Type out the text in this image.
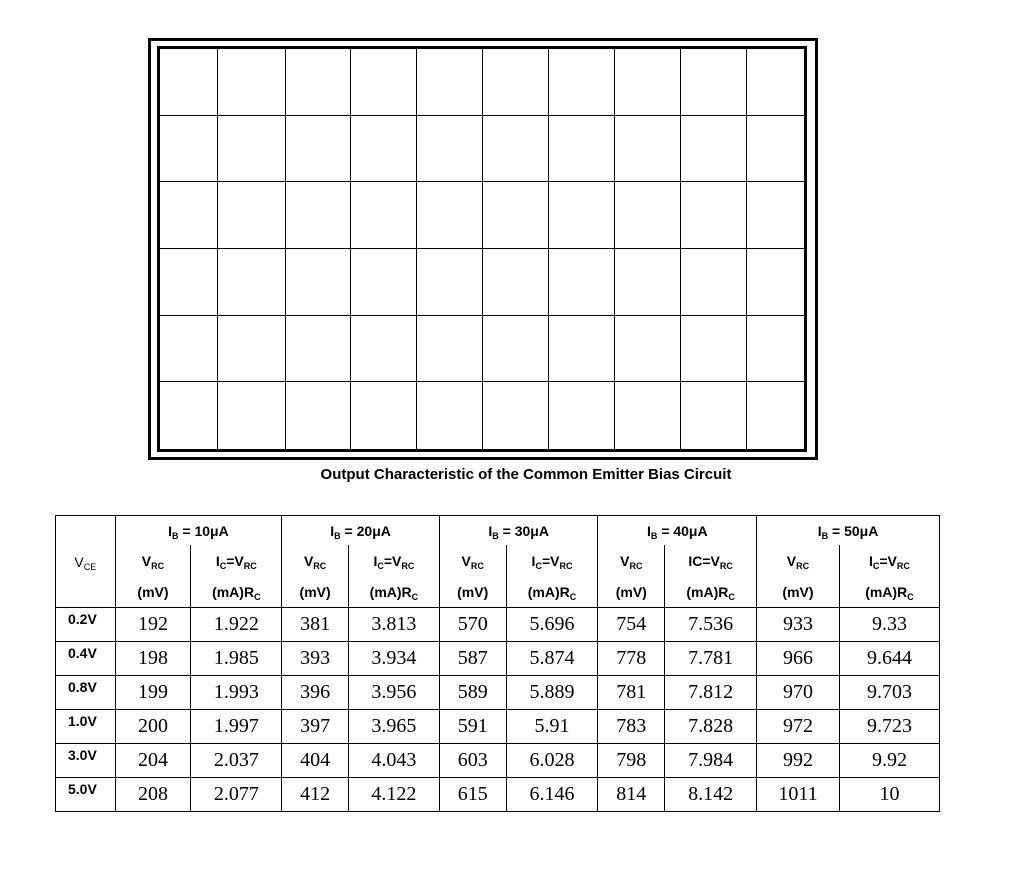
Output Characteristic of the Common Emitter Bias Circuit
$V_{CE}$	$I_B = 10\mu A$		$I_B = 20\mu A$		$I_B = 30\mu A$		$I_B = 40\mu A$		$I_B = 50\mu A$	
	$V_{RC}$	$I_C=V_{RC}$	$V_{RC}$	$I_C=V_{RC}$	$V_{RC}$	$I_C=V_{RC}$	$V_{RC}$	$IC=V_{RC}$	$V_{RC}$	$I_C=V_{RC}$
	(mV)	$(mA)R_C$	(mV)	$(mA)R_C$	(mV)	$(mA)R_C$	(mV)	$(mA)R_C$	(mV)	$(mA)R_C$
0.2V	192	1.922	381	3.813	570	5.696	754	7.536	933	9.33
0.4V	198	1.985	393	3.934	587	5.874	778	7.781	966	9.644
0.8V	199	1.993	396	3.956	589	5.889	781	7.812	970	9.703
1.0V	200	1.997	397	3.965	591	5.91	783	7.828	972	9.723
3.0V	204	2.037	404	4.043	603	6.028	798	7.984	992	9.92
5.0V	208	2.077	412	4.122	615	6.146	814	8.142	1011	10
